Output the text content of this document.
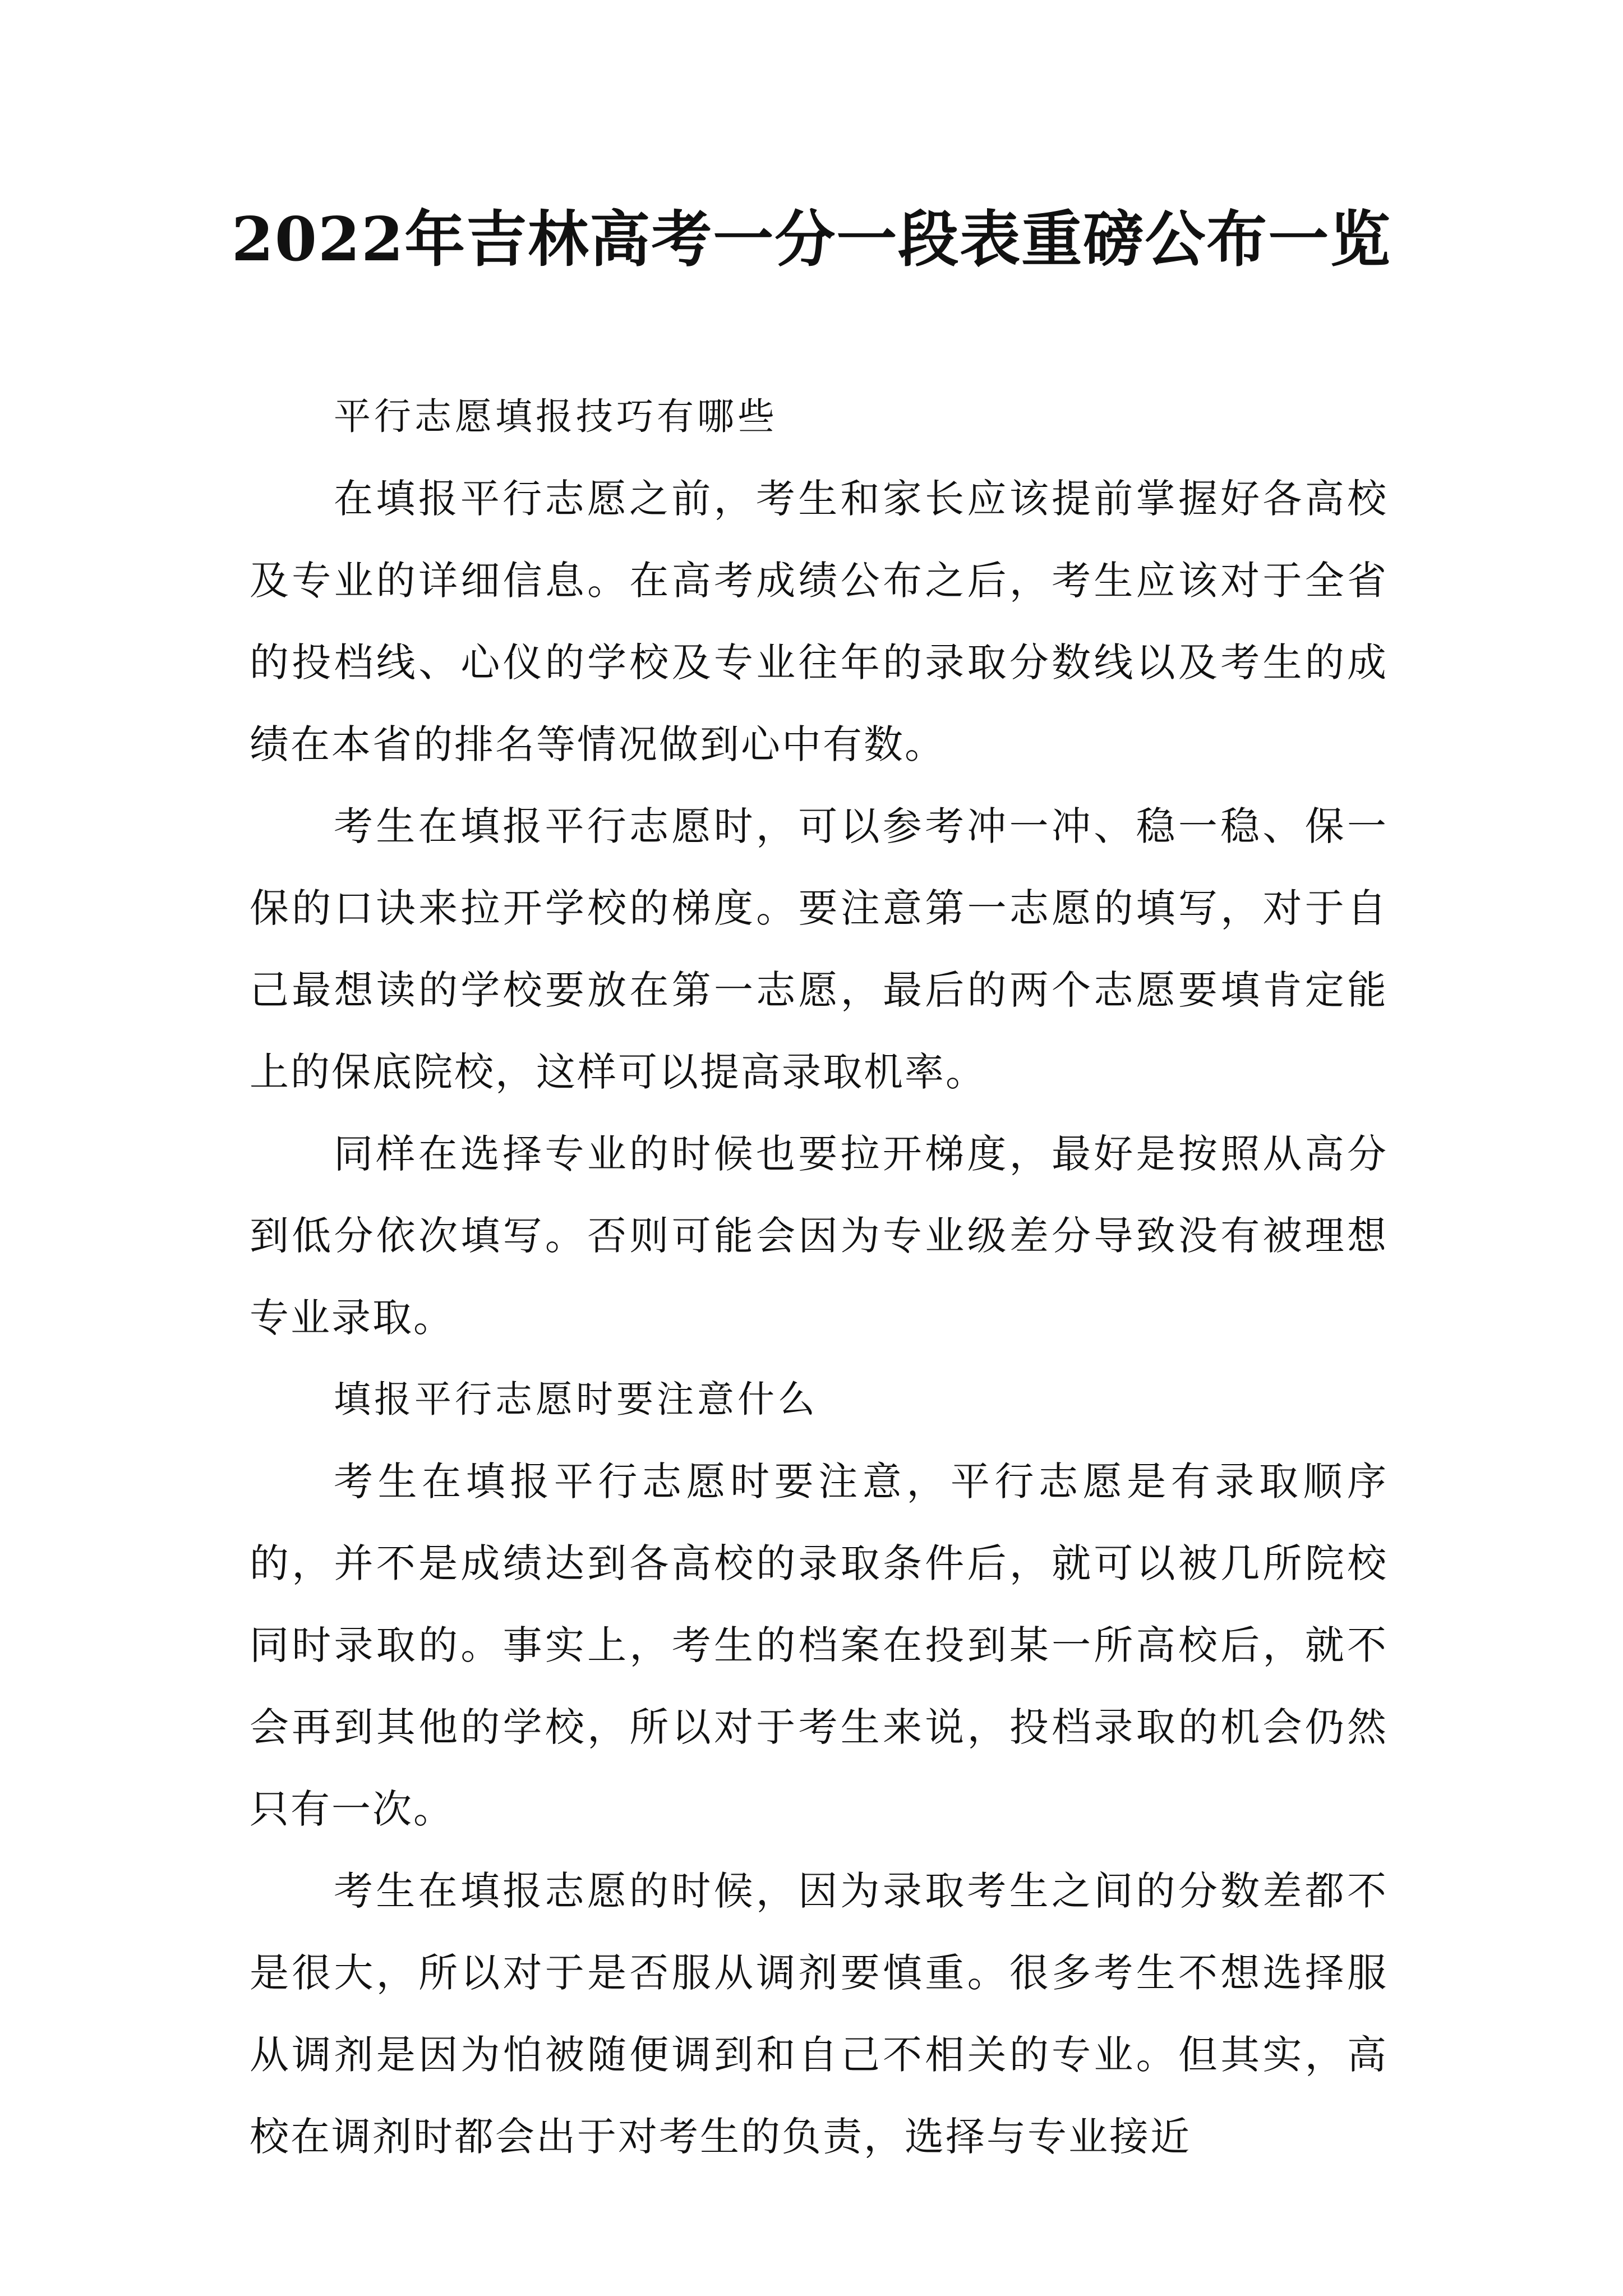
2022年吉林高考一分一段表重磅公布一览

平行志愿填报技巧有哪些

在填报平行志愿之前，考生和家长应该提前掌握好各高校及专业的详细信息。在高考成绩公布之后，考生应该对于全省的投档线、心仪的学校及专业往年的录取分数线以及考生的成绩在本省的排名等情况做到心中有数。

考生在填报平行志愿时，可以参考冲一冲、稳一稳、保一保的口诀来拉开学校的梯度。要注意第一志愿的填写，对于自己最想读的学校要放在第一志愿，最后的两个志愿要填肯定能上的保底院校，这样可以提高录取机率。

同样在选择专业的时候也要拉开梯度，最好是按照从高分到低分依次填写。否则可能会因为专业级差分导致没有被理想专业录取。

填报平行志愿时要注意什么

考生在填报平行志愿时要注意，平行志愿是有录取顺序的，并不是成绩达到各高校的录取条件后，就可以被几所院校同时录取的。事实上，考生的档案在投到某一所高校后，就不会再到其他的学校，所以对于考生来说，投档录取的机会仍然只有一次。

考生在填报志愿的时候，因为录取考生之间的分数差都不是很大，所以对于是否服从调剂要慎重。很多考生不想选择服从调剂是因为怕被随便调到和自己不相关的专业。但其实，高校在调剂时都会出于对考生的负责，选择与专业接近
